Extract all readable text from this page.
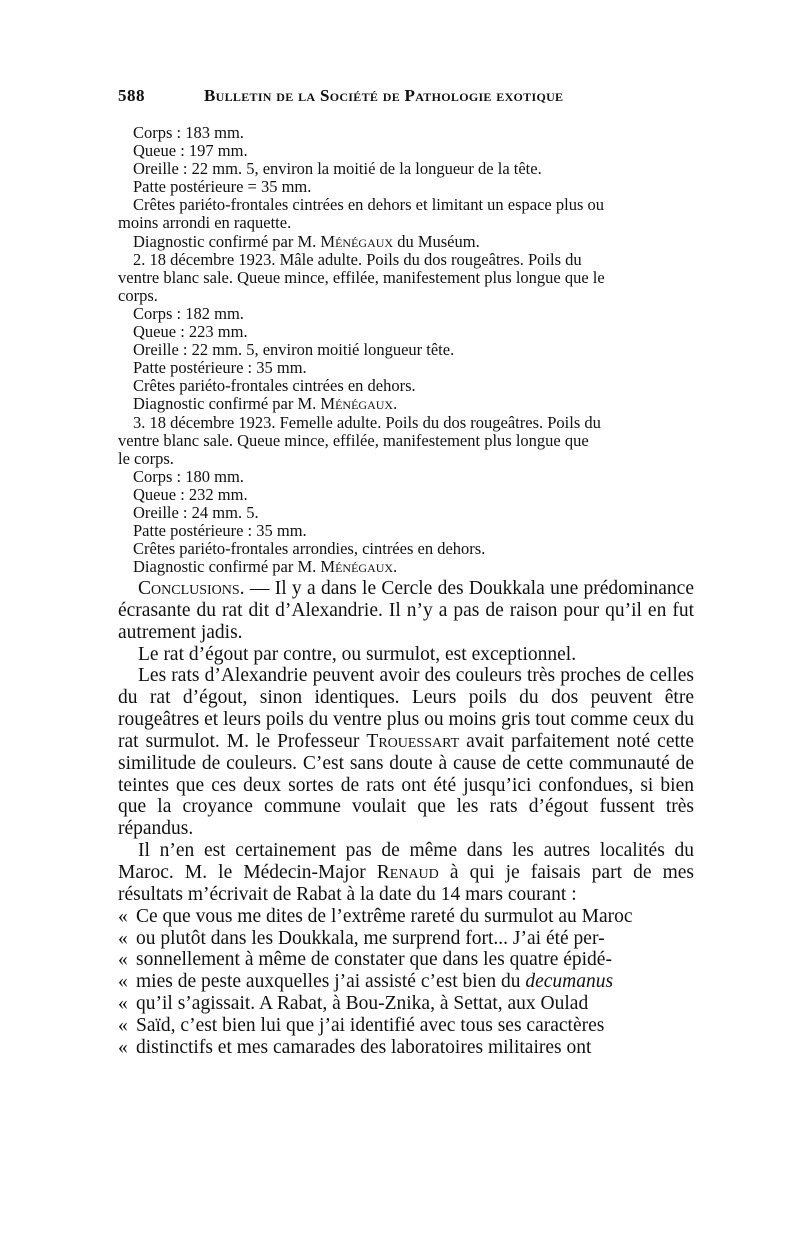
588	Bulletin de la Société de Pathologie exotique
Corps : 183 mm.
Queue : 197 mm.
Oreille : 22 mm. 5, environ la moitié de la longueur de la tête.
Patte postérieure = 35 mm.
Crêtes pariéto-frontales cintrées en dehors et limitant un espace plus ou
moins arrondi en raquette.
Diagnostic confirmé par M. Ménégaux du Muséum.
2. 18 décembre 1923. Mâle adulte. Poils du dos rougeâtres. Poils du
ventre blanc sale. Queue mince, effilée, manifestement plus longue que le
corps.
Corps : 182 mm.
Queue : 223 mm.
Oreille : 22 mm. 5, environ moitié longueur tête.
Patte postérieure : 35 mm.
Crêtes pariéto-frontales cintrées en dehors.
Diagnostic confirmé par M. Ménégaux.
3. 18 décembre 1923. Femelle adulte. Poils du dos rougeâtres. Poils du
ventre blanc sale. Queue mince, effilée, manifestement plus longue que
le corps.
Corps : 180 mm.
Queue : 232 mm.
Oreille : 24 mm. 5.
Patte postérieure : 35 mm.
Crêtes pariéto-frontales arrondies, cintrées en dehors.
Diagnostic confirmé par M. Ménégaux.

Conclusions. — Il y a dans le Cercle des Doukkala une prédominance écrasante du rat dit d’Alexandrie. Il n’y a pas de raison pour qu’il en fut autrement jadis.

Le rat d’égout par contre, ou surmulot, est exceptionnel.

Les rats d’Alexandrie peuvent avoir des couleurs très proches de celles du rat d’égout, sinon identiques. Leurs poils du dos peuvent être rougeâtres et leurs poils du ventre plus ou moins gris tout comme ceux du rat surmulot. M. le Professeur Trouessart avait parfaitement noté cette similitude de couleurs. C’est sans doute à cause de cette communauté de teintes que ces deux sortes de rats ont été jusqu’ici confondues, si bien que la croyance commune voulait que les rats d’égout fussent très répandus.

Il n’en est certainement pas de même dans les autres localités du Maroc. M. le Médecin-Major Renaud à qui je faisais part de mes résultats m’écrivait de Rabat à la date du 14 mars courant :

« Ce que vous me dites de l’extrême rareté du surmulot au Maroc
« ou plutôt dans les Doukkala, me surprend fort... J’ai été per-
« sonnellement à même de constater que dans les quatre épidé-
« mies de peste auxquelles j’ai assisté c’est bien du decumanus
« qu’il s’agissait. A Rabat, à Bou-Znika, à Settat, aux Oulad
« Saïd, c’est bien lui que j’ai identifié avec tous ses caractères
« distinctifs et mes camarades des laboratoires militaires ont
